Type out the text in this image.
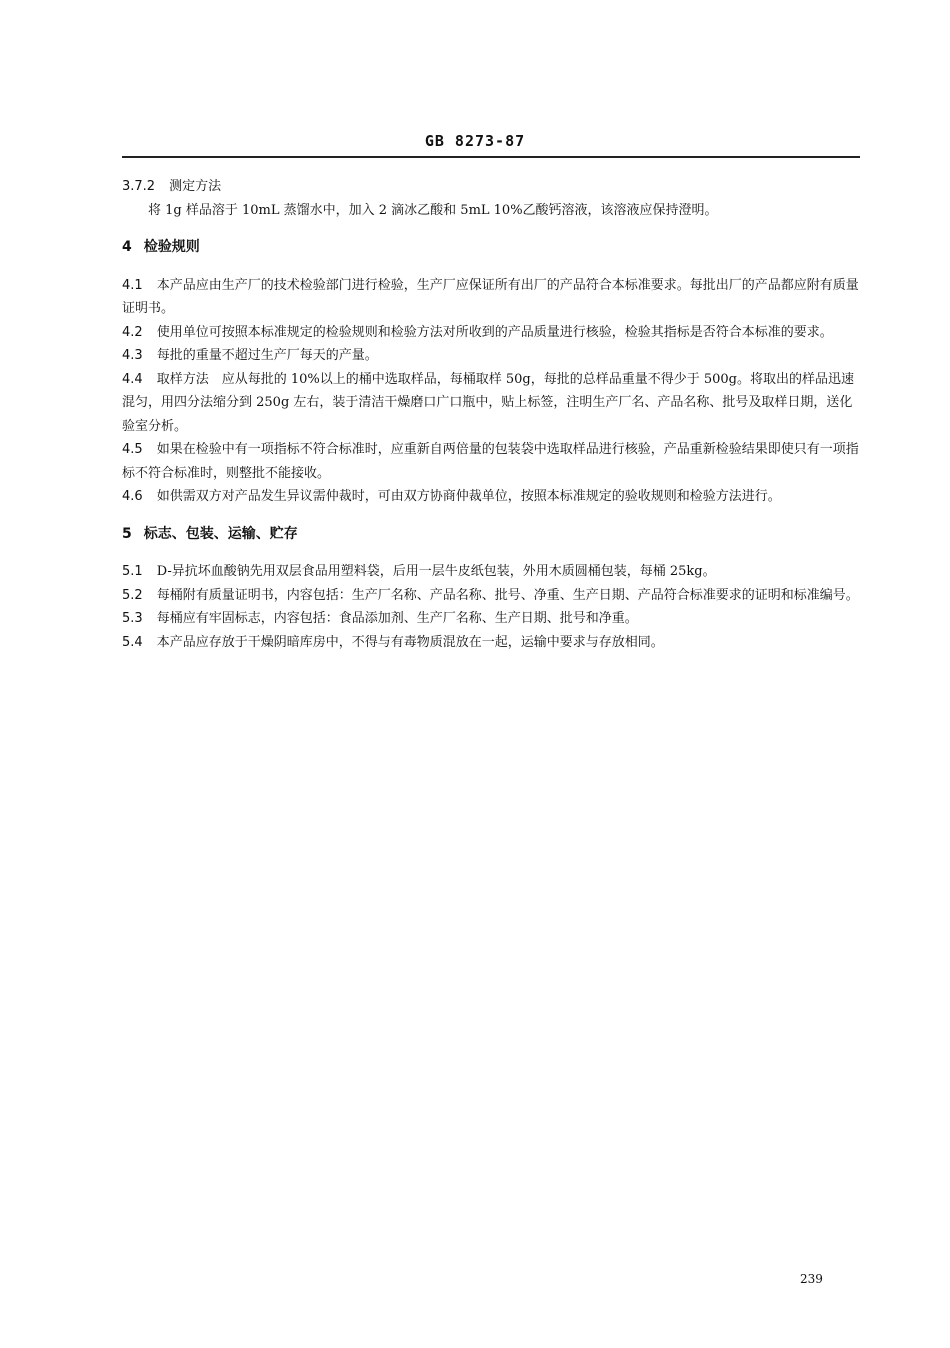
GB 8273-87

3.7.2 测定方法

将 1g 样品溶于 10mL 蒸馏水中，加入 2 滴冰乙酸和 5mL 10%乙酸钙溶液，该溶液应保持澄明。

4 检验规则

4.1 本产品应由生产厂的技术检验部门进行检验，生产厂应保证所有出厂的产品符合本标准要求。每批出厂的产品都应附有质量证明书。

4.2 使用单位可按照本标准规定的检验规则和检验方法对所收到的产品质量进行核验，检验其指标是否符合本标准的要求。

4.3 每批的重量不超过生产厂每天的产量。

4.4 取样方法　应从每批的 10%以上的桶中选取样品，每桶取样 50g，每批的总样品重量不得少于 500g。将取出的样品迅速混匀，用四分法缩分到 250g 左右，装于清洁干燥磨口广口瓶中，贴上标签，注明生产厂名、产品名称、批号及取样日期，送化验室分析。

4.5 如果在检验中有一项指标不符合标准时，应重新自两倍量的包装袋中选取样品进行核验，产品重新检验结果即使只有一项指标不符合标准时，则整批不能接收。

4.6 如供需双方对产品发生异议需仲裁时，可由双方协商仲裁单位，按照本标准规定的验收规则和检验方法进行。

5 标志、包装、运输、贮存

5.1 D-异抗坏血酸钠先用双层食品用塑料袋，后用一层牛皮纸包装，外用木质圆桶包装，每桶 25kg。

5.2 每桶附有质量证明书，内容包括：生产厂名称、产品名称、批号、净重、生产日期、产品符合标准要求的证明和标准编号。

5.3 每桶应有牢固标志，内容包括：食品添加剂、生产厂名称、生产日期、批号和净重。

5.4 本产品应存放于干燥阴暗库房中，不得与有毒物质混放在一起，运输中要求与存放相同。

239
